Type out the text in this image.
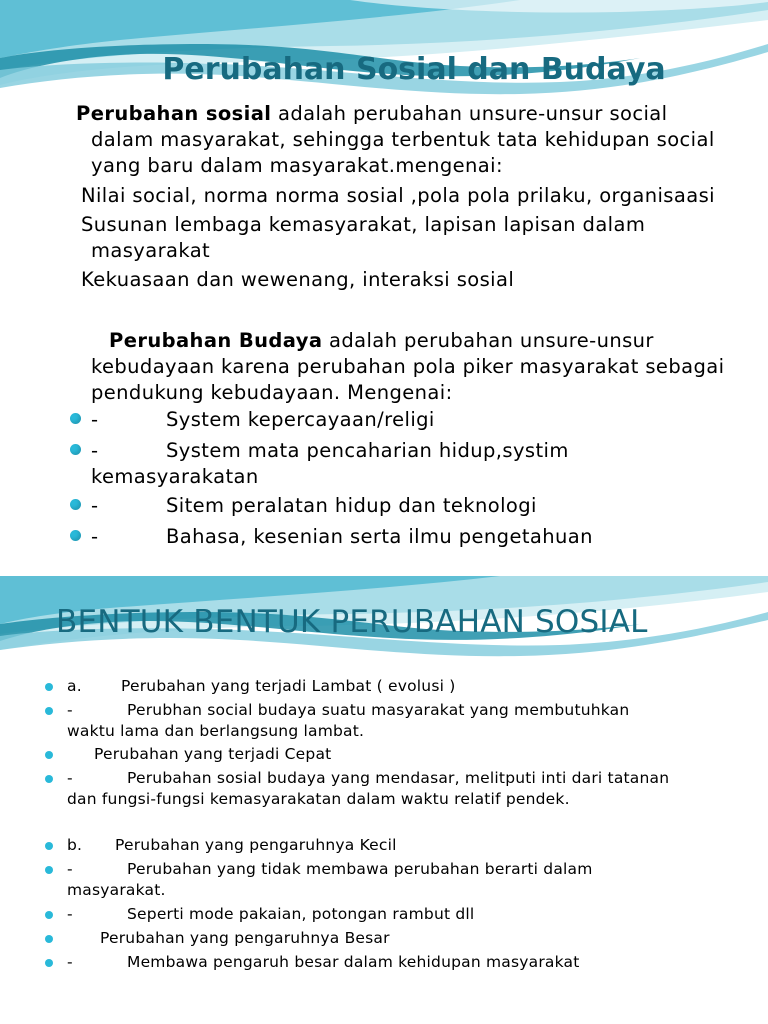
Perubahan Sosial dan Budaya
Perubahan sosial adalah perubahan unsure-unsur social
dalam masyarakat, sehingga terbentuk tata kehidupan social
yang baru dalam masyarakat.mengenai:
Nilai social, norma norma sosial ,pola pola prilaku, organisaasi
Susunan lembaga kemasyarakat, lapisan lapisan dalam
masyarakat
Kekuasaan dan wewenang, interaksi sosial
Perubahan Budaya adalah perubahan unsure-unsur
kebudayaan karena perubahan pola piker masyarakat sebagai
pendukung kebudayaan. Mengenai:
-	System kepercayaan/religi
-	System mata pencaharian hidup,systim
kemasyarakatan
-	Sitem peralatan hidup dan teknologi
-	Bahasa, kesenian serta ilmu pengetahuan
BENTUK BENTUK PERUBAHAN SOSIAL
a.	Perubahan yang terjadi Lambat ( evolusi )
-	Perubhan social budaya suatu masyarakat yang membutuhkan
waktu lama dan berlangsung lambat.
Perubahan yang terjadi Cepat
-	Perubahan sosial budaya yang mendasar, melitputi inti dari tatanan
dan fungsi-fungsi kemasyarakatan dalam waktu relatif pendek.
b. Perubahan yang pengaruhnya Kecil
-	Perubahan yang tidak membawa perubahan berarti dalam
masyarakat.
-	Seperti mode pakaian, potongan rambut dll
Perubahan yang pengaruhnya Besar
-	Membawa pengaruh besar dalam kehidupan masyarakat
